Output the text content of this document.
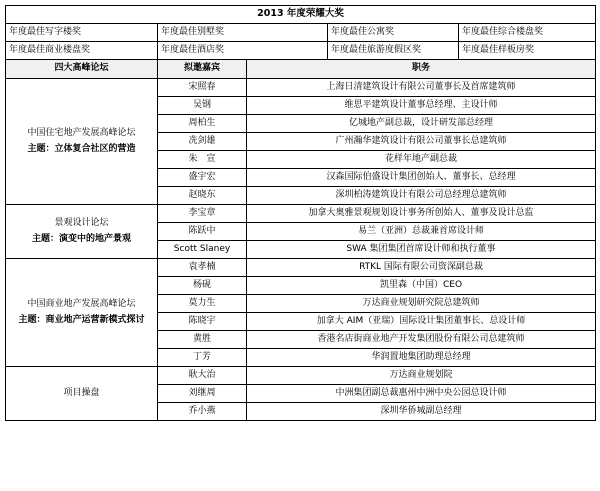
2013 年度荣耀大奖				
年度最佳写字楼奖	年度最佳别墅奖		年度最佳公寓奖	年度最佳综合楼盘奖
年度最佳商业楼盘奖	年度最佳酒店奖		年度最佳旅游度假区奖	年度最佳样板房奖
四大高峰论坛	拟邀嘉宾	职务		

中国住宅地产发展高峰论坛
主题：立体复合社区的营造	宋照春	上海日清建筑设计有限公司董事长及首席建筑师		
	吴钢	维思平建筑设计董事总经理、主设计师		
	周柏生	亿城地产副总裁，设计研发部总经理		
	冼剑雄	广州瀚华建筑设计有限公司董事长总建筑师		
	朱　宣	花样年地产副总裁		
	盛宇宏	汉森国际伯盛设计集团创始人、董事长、总经理		
	赵晓东	深圳柏涛建筑设计有限公司总经理总建筑师		

景观设计论坛
主题：演变中的地产景观	李宝章	加拿大奥雅景观规划设计事务所创始人、董事及设计总监		
	陈跃中	易兰（亚洲）总裁兼首席设计师		
	Scott Slaney	SWA 集团集团首席设计师和执行董事		

中国商业地产发展高峰论坛
主题：商业地产运营新模式探讨	袁孝楠	RTKL 国际有限公司资深副总裁		
	杨砚	凯里森（中国）CEO		
	莫力生	万达商业规划研究院总建筑师		
	陈晓宇	加拿大 AIM（亚瑞）国际设计集团董事长、总设计师		
	黄胜	香港名店街商业地产开发集团股份有限公司总建筑师		
	丁芳	华润置地集团助理总经理		

项目操盘	耿大治	万达商业规划院		
	刘继周	中洲集团副总裁惠州中洲中央公园总设计师		
	乔小燕	深圳华侨城副总经理		
